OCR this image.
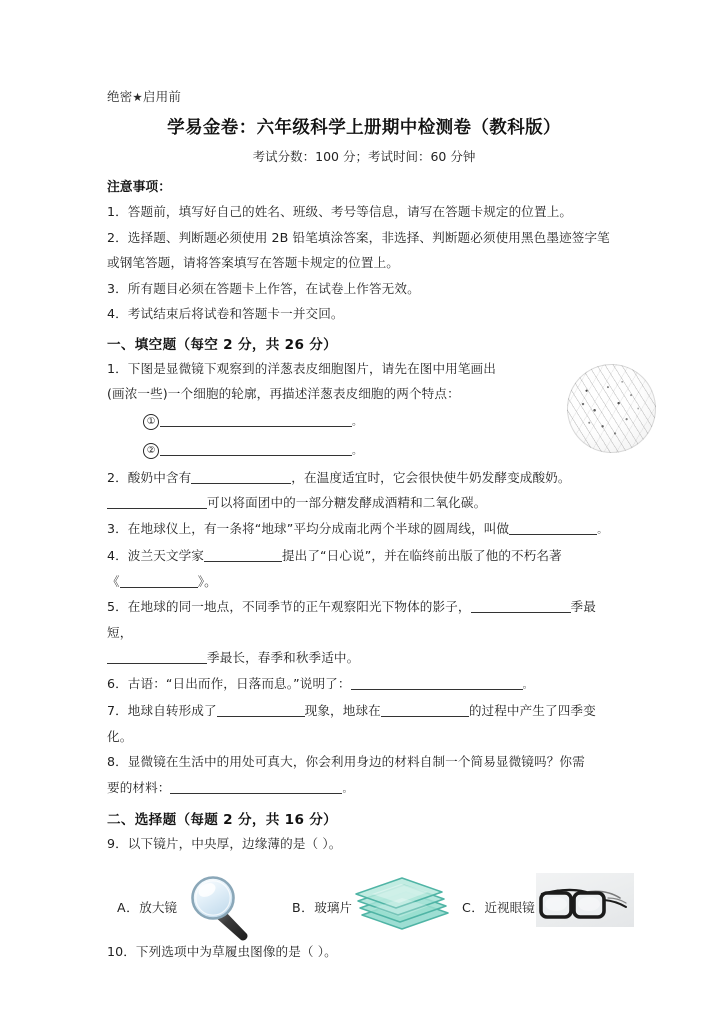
绝密★启用前
学易金卷：六年级科学上册期中检测卷（教科版）
考试分数：100 分；考试时间：60 分钟
注意事项：
1．答题前，填写好自己的姓名、班级、考号等信息，请写在答题卡规定的位置上。
2．选择题、判断题必须使用 2B 铅笔填涂答案，非选择、判断题必须使用黑色墨迹签字笔
或钢笔答题，请将答案填写在答题卡规定的位置上。
3．所有题目必须在答题卡上作答，在试卷上作答无效。
4．考试结束后将试卷和答题卡一并交回。
一、填空题（每空 2 分，共 26 分）
1．下图是显微镜下观察到的洋葱表皮细胞图片，请先在图中用笔画出
(画浓一些)一个细胞的轮廓，再描述洋葱表皮细胞的两个特点：
①	。
②	。
2．酸奶中含有	，在温度适宜时，它会很快使牛奶发酵变成酸奶。
可以将面团中的一部分糖发酵成酒精和二氧化碳。
3．在地球仪上，有一条将“地球”平均分成南北两个半球的圆周线，叫做	。
4．波兰天文学家	提出了“日心说”，并在临终前出版了他的不朽名著
《	》。
5．在地球的同一地点，不同季节的正午观察阳光下物体的影子，	季最短，
季最长，春季和秋季适中。
6．古语：“日出而作，日落而息。”说明了：	。
7．地球自转形成了	现象，地球在	的过程中产生了四季变化。
8．显微镜在生活中的用处可真大，你会利用身边的材料自制一个简易显微镜吗？你需
要的材料：	。
二、选择题（每题 2 分，共 16 分）
9．以下镜片，中央厚，边缘薄的是（ ）。
A．放大镜	B．玻璃片	C．近视眼镜
10．下列选项中为草履虫图像的是（ ）。
